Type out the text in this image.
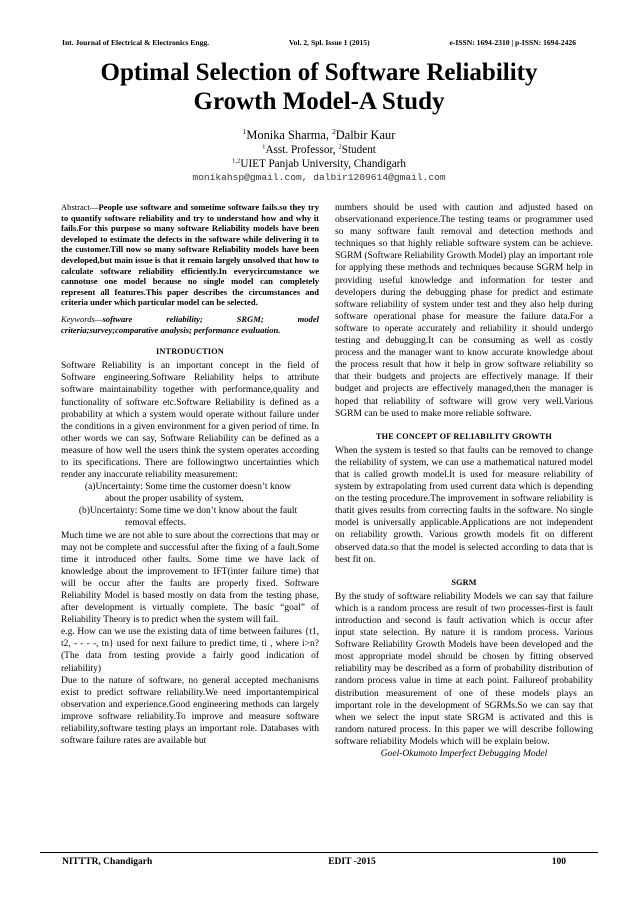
Int. Journal of Electrical & Electronics Engg.	Vol. 2, Spl. Issue 1 (2015)	e-ISSN: 1694-2310 | p-ISSN: 1694-2426
Optimal Selection of Software Reliability
Growth Model-A Study
$^1$Monika Sharma, $^2$Dalbir Kaur
$^1$Asst. Professor, $^2$Student
$^{1,2}$UIET Panjab University, Chandigarh
monikahsp@gmail.com, dalbir1209614@gmail.com

Abstract—People use software and sometime software fails.so they try to quantify software reliability and try to understand how and why it fails.For this purpose so many software Reliability models have been developed to estimate the defects in the software while delivering it to the customer.Till now so many software Reliability models have been developed,but main issue is that it remain largely unsolved that how to calculate software reliability efficiently.In everycircumstance we cannotuse one model because no single model can completely represent all features.This paper describes the circumstances and criteria under which particular model can be selected.

Keywords—software reliability; SRGM; model criteria;survey;comparative analysis; performance evaluation.

INTRODUCTION

Software Reliability is an important concept in the field of Software engineering.Software Reliability helps to attribute software maintainability together with performance,quality and functionality of software etc.Software Reliability is defined as a probability at which a system would operate without failure under the conditions in a given environment for a given period of time. In other words we can say, Software Reliability can be defined as a measure of how well the users think the system operates according to its specifications. There are followingtwo uncertainties which render any inaccurate reliability measurement:

(a)Uncertainty: Some time the customer doesn’t know

about the proper usability of system.

(b)Uncertainty: Some time we don’t know about the fault

removal effects.

Much time we are not able to sure about the corrections that may or may not be complete and successful after the fixing of a fault.Some time it introduced other faults. Some time we have lack of knowledge about the improvement to IFT(inter failure time) that will be occur after the faults are properly fixed. Software Reliability Model is based mostly on data from the testing phase, after development is virtually complete. The basic “goal” of Reliability Theory is to predict when the system will fail.

e.g. How can we use the existing data of time between failures {t1, t2, - - - -, tn} used for next failure to predict time, ti , where i>n? (The data from testing provide a fairly good indication of reliability)

Due to the nature of software, no general accepted mechanisms exist to predict software reliability.We need importantempirical observation and experience.Good engineering methods can largely improve software reliability.To improve and measure software reliability,software testing plays an important role. Databases with software failure rates are available but

numbers should be used with caution and adjusted based on observationand experience.The testing teams or programmer used so many software fault removal and detection methods and techniques so that highly reliable software system can be achieve. SGRM (Software Reliability Growth Model) play an important role for applying these methods and techniques because SGRM help in providing useful knowledge and information for tester and developers during the debugging phase for predict and estimate software reliability of system under test and they also help during software operational phase for measure the failure data.For a software to operate accurately and reliability it should undergo testing and debugging.It can be consuming as well as costly process and the manager want to know accurate knowledge about the process result that how it help in grow software reliability so that their budgets and projects are effectively manage. If their budget and projects are effectively managed,then the manager is hoped that reliability of software will grow very well.Various SGRM can be used to make more reliable software.

THE CONCEPT OF RELIABILITY GROWTH

When the system is tested so that faults can be removed to change the reliability of system, we can use a mathematical natured model that is called growth model.It is used for measure reliability of system by extrapolating from used current data which is depending on the testing procedure.The improvement in software reliability is thatit gives results from correcting faults in the software. No single model is universally applicable.Applications are not independent on reliability growth. Various growth models fit on different observed data.so that the model is selected according to data that is best fit on.

SGRM

By the study of software reliability Models we can say that failure which is a random process are result of two processes-first is fault introduction and second is fault activation which is occur after input state selection. By nature it is random process. Various Software Reliability Growth Models have been developed and the most appropriate model should be chosen by fitting observed reliability may be described as a form of probability distribution of random process value in time at each point. Failureof probability distribution measurement of one of these models plays an important role in the development of SGRMs.So we can say that when we select the input state SRGM is activated and this is random natured process. In this paper we will describe following software reliability Models which will be explain below.

Goel-Okumoto Imperfect Debugging Model

NITTTR, Chandigarh	EDIT -2015	100
